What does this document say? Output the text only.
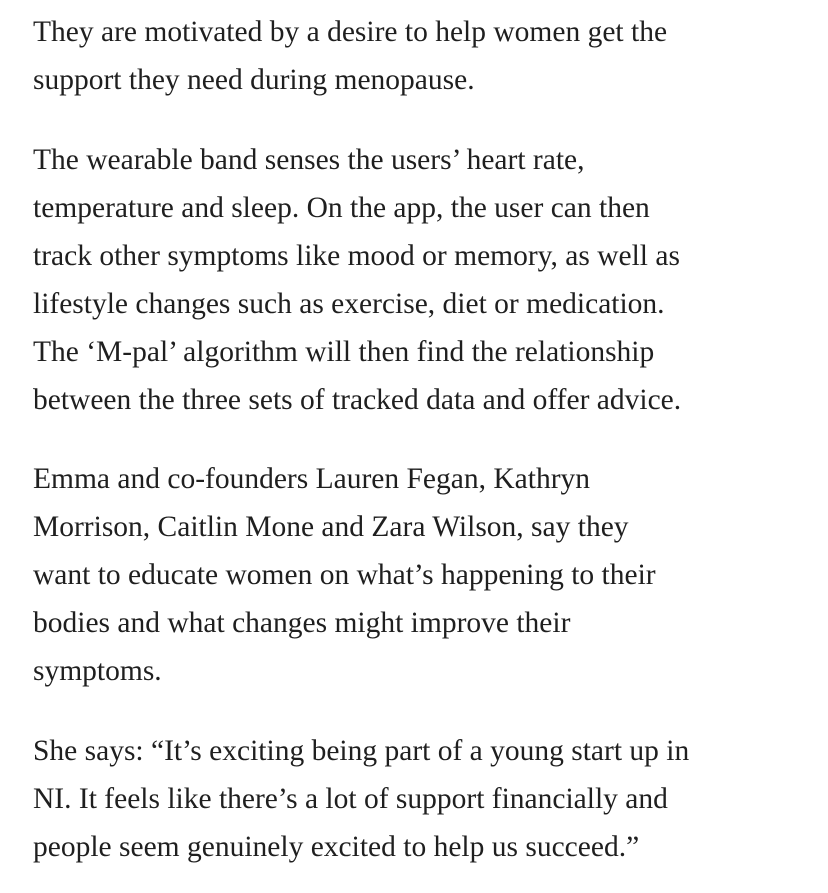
They are motivated by a desire to help women get the
support they need during menopause.
The wearable band senses the users’ heart rate,
temperature and sleep. On the app, the user can then
track other symptoms like mood or memory, as well as
lifestyle changes such as exercise, diet or medication.
The ‘M-pal’ algorithm will then find the relationship
between the three sets of tracked data and offer advice.
Emma and co-founders Lauren Fegan, Kathryn
Morrison, Caitlin Mone and Zara Wilson, say they
want to educate women on what’s happening to their
bodies and what changes might improve their
symptoms.
She says: “It’s exciting being part of a young start up in
NI. It feels like there’s a lot of support financially and
people seem genuinely excited to help us succeed.”
